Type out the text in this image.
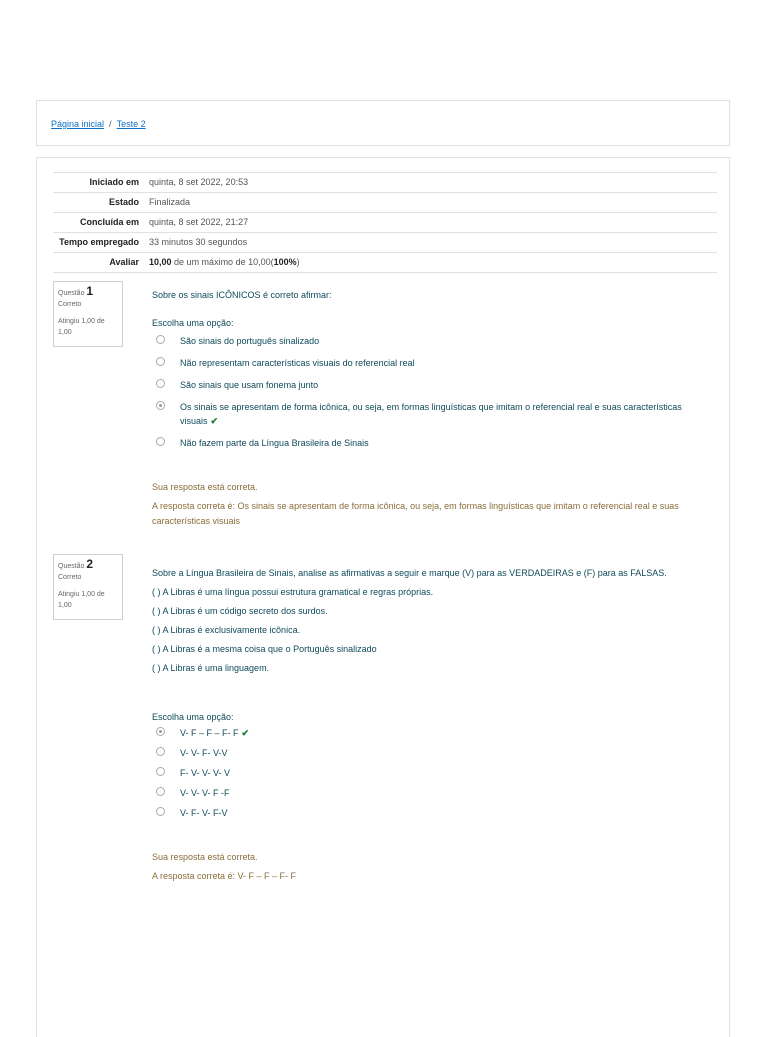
Página inicial / Teste 2
Iniciado em	quinta, 8 set 2022, 20:53
Estado	Finalizada
Concluída em	quinta, 8 set 2022, 21:27
Tempo empregado	33 minutos 30 segundos
Avaliar	10,00 de um máximo de 10,00(100%)
Questão 1
Correto
Atingiu 1,00 de 1,00
Sobre os sinais ICÔNICOS é correto afirmar:
Escolha uma opção:
São sinais do português sinalizado
Não representam características visuais do referencial real
São sinais que usam fonema junto
Os sinais se apresentam de forma icônica, ou seja, em formas linguísticas que imitam o referencial real e suas características visuais ✔
Não fazem parte da Língua Brasileira de Sinais
Sua resposta está correta.
A resposta correta é: Os sinais se apresentam de forma icônica, ou seja, em formas linguísticas que imitam o referencial real e suas características visuais
Questão 2
Correto
Atingiu 1,00 de 1,00
Sobre a Língua Brasileira de Sinais, analise as afirmativas a seguir e marque (V) para as VERDADEIRAS e (F) para as FALSAS.
( ) A Libras é uma língua possui estrutura gramatical e regras próprias.
( ) A Libras é um código secreto dos surdos.
( ) A Libras é exclusivamente icônica.
( ) A Libras é a mesma coisa que o Português sinalizado
( ) A Libras é uma linguagem.
Escolha uma opção:
V- F – F – F- F ✔
V- V- F- V-V
F- V- V- V- V
V- V- V- F -F
V- F- V- F-V
Sua resposta está correta.
A resposta correta é: V- F – F – F- F
